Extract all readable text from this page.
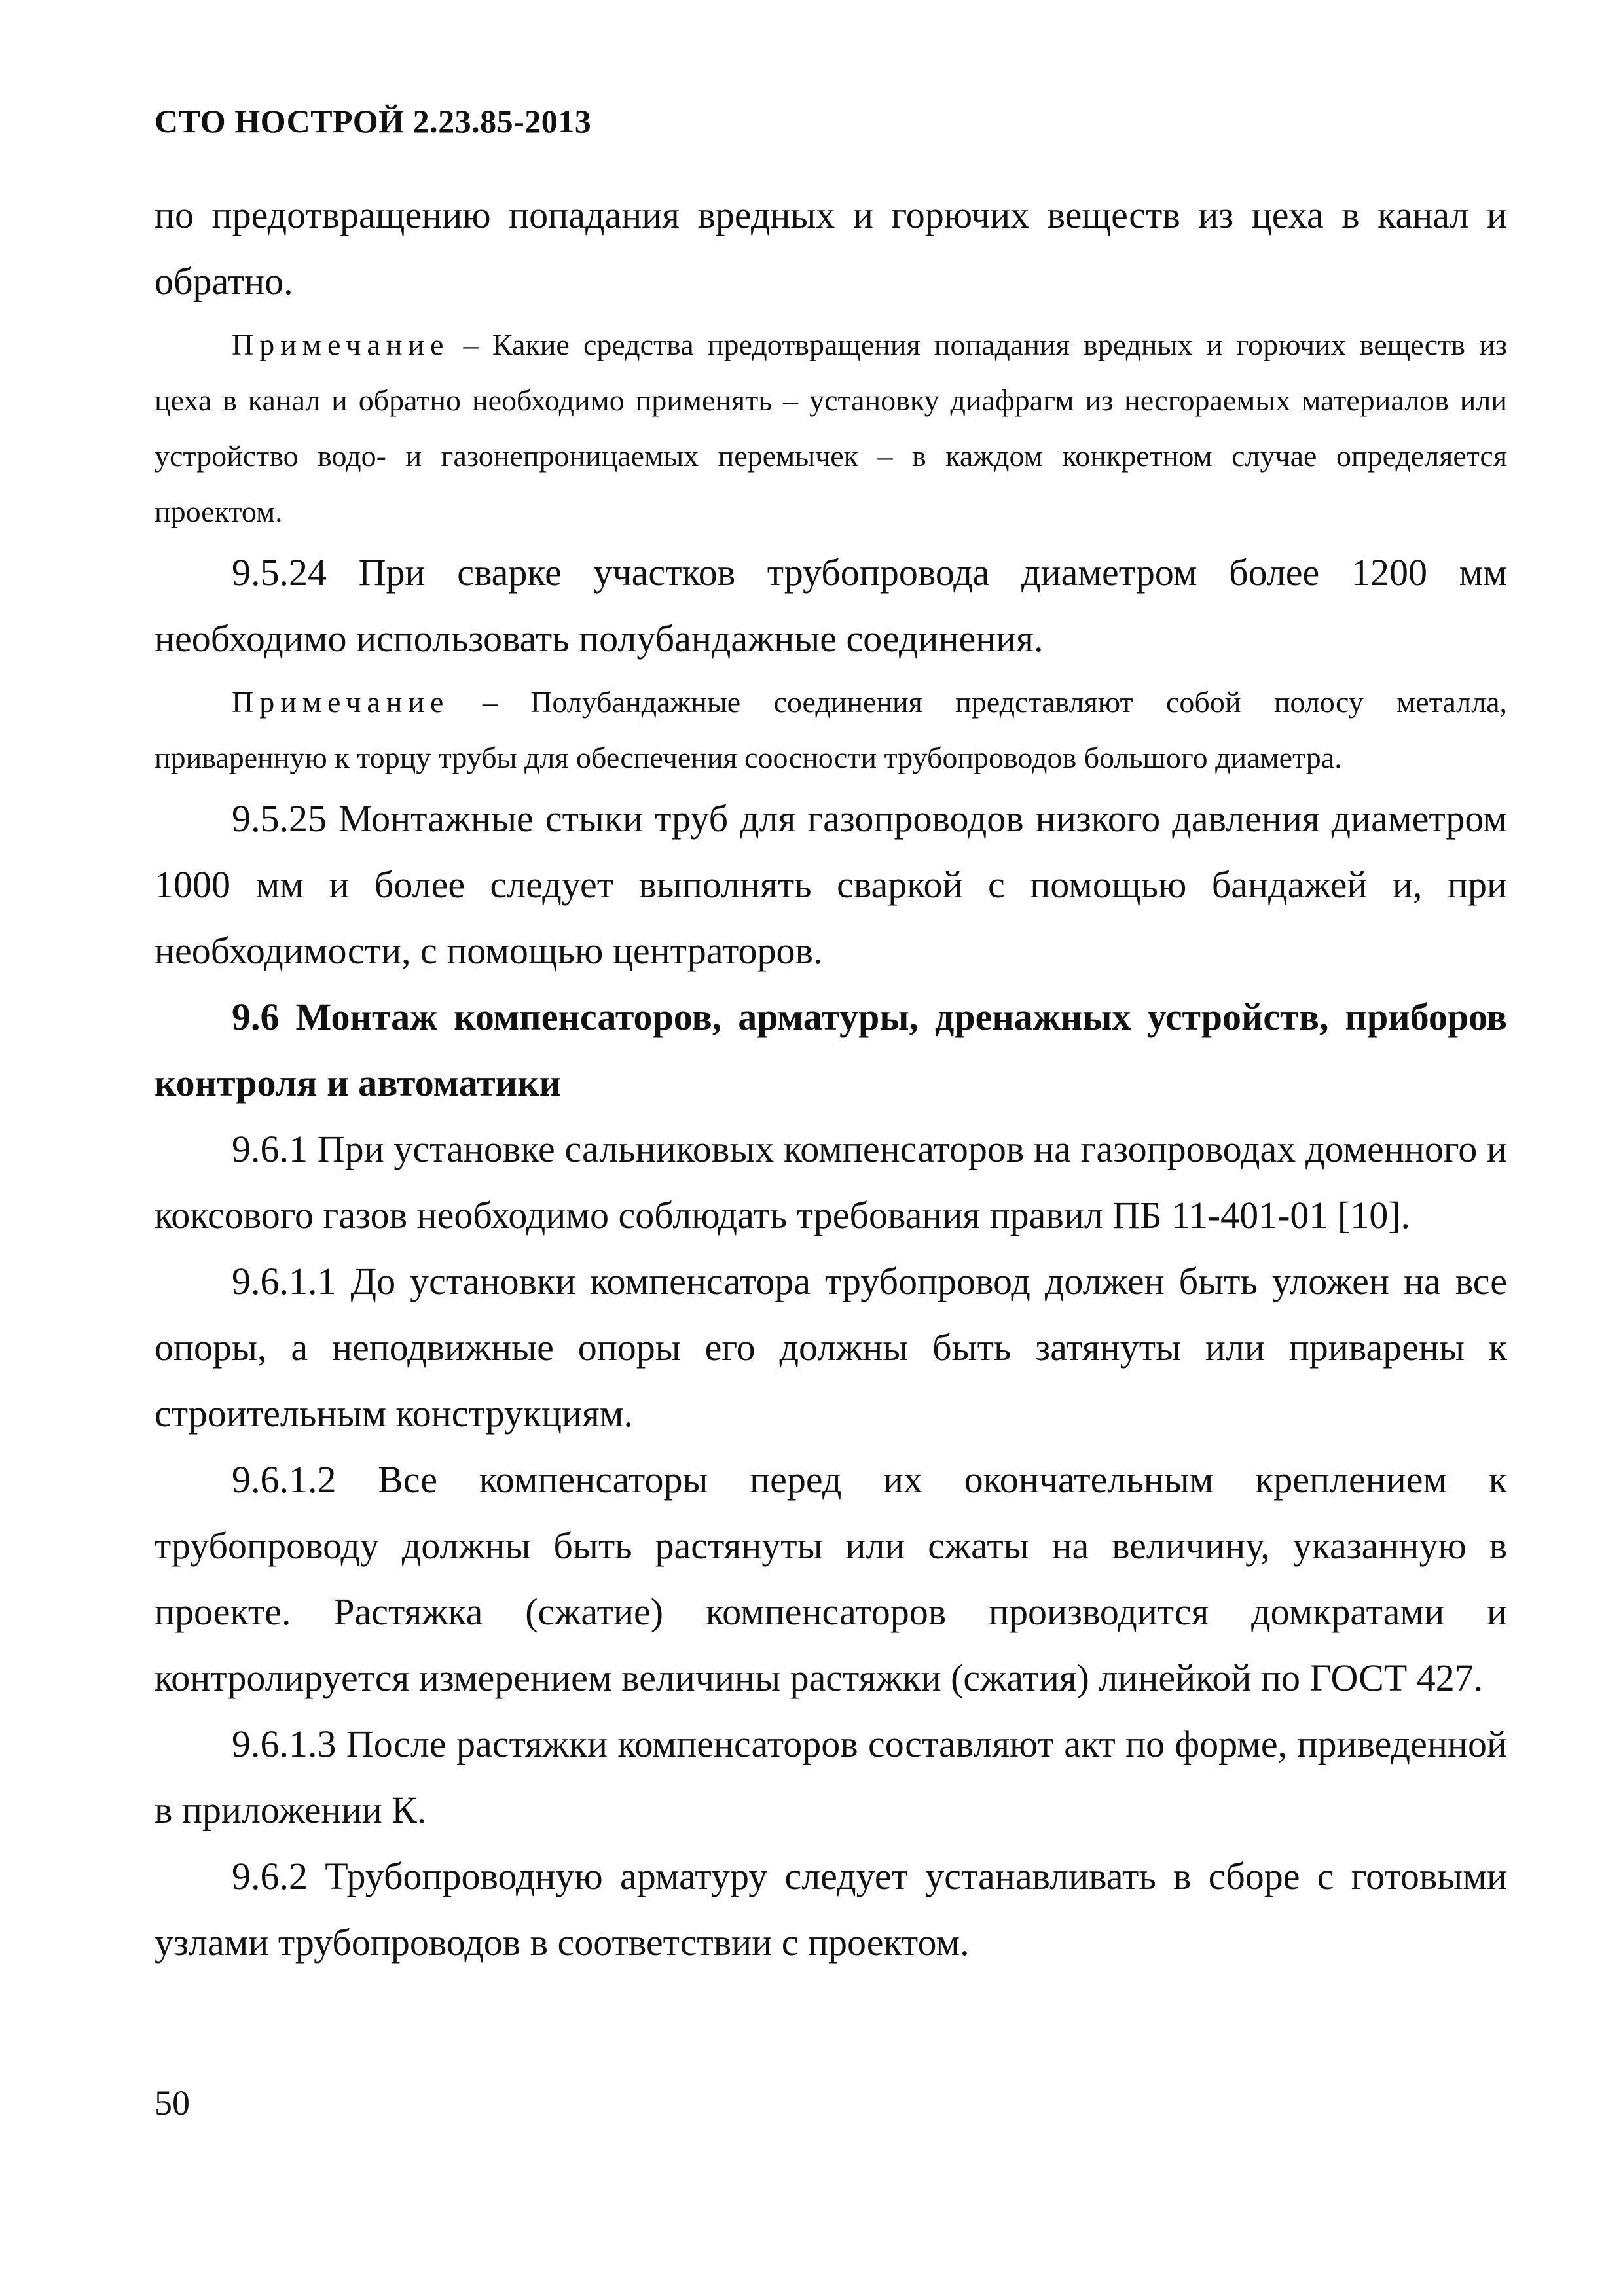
СТО НОСТРОЙ 2.23.85-2013

по предотвращению попадания вредных и горючих веществ из цеха в канал и обратно.

Примечание – Какие средства предотвращения попадания вредных и горючих веществ из цеха в канал и обратно необходимо применять – установку диафрагм из несгораемых материалов или устройство водо- и газонепроницаемых перемычек – в каждом конкретном случае определяется проектом.

9.5.24 При сварке участков трубопровода диаметром более 1200 мм необходимо использовать полубандажные соединения.

Примечание – Полубандажные соединения представляют собой полосу металла, приваренную к торцу трубы для обеспечения соосности трубопроводов большого диаметра.

9.5.25 Монтажные стыки труб для газопроводов низкого давления диаметром 1000 мм и более следует выполнять сваркой с помощью бандажей и, при необходимости, с помощью центраторов.

9.6 Монтаж компенсаторов, арматуры, дренажных устройств, приборов контроля и автоматики

9.6.1 При установке сальниковых компенсаторов на газопроводах доменного и коксового газов необходимо соблюдать требования правил ПБ 11-401-01 [10].

9.6.1.1 До установки компенсатора трубопровод должен быть уложен на все опоры, а неподвижные опоры его должны быть затянуты или приварены к строительным конструкциям.

9.6.1.2 Все компенсаторы перед их окончательным креплением к трубопроводу должны быть растянуты или сжаты на величину, указанную в проекте. Растяжка (сжатие) компенсаторов производится домкратами и контролируется измерением величины растяжки (сжатия) линейкой по ГОСТ 427.

9.6.1.3 После растяжки компенсаторов составляют акт по форме, приведенной в приложении К.

9.6.2 Трубопроводную арматуру следует устанавливать в сборе с готовыми узлами трубопроводов в соответствии с проектом.

50
